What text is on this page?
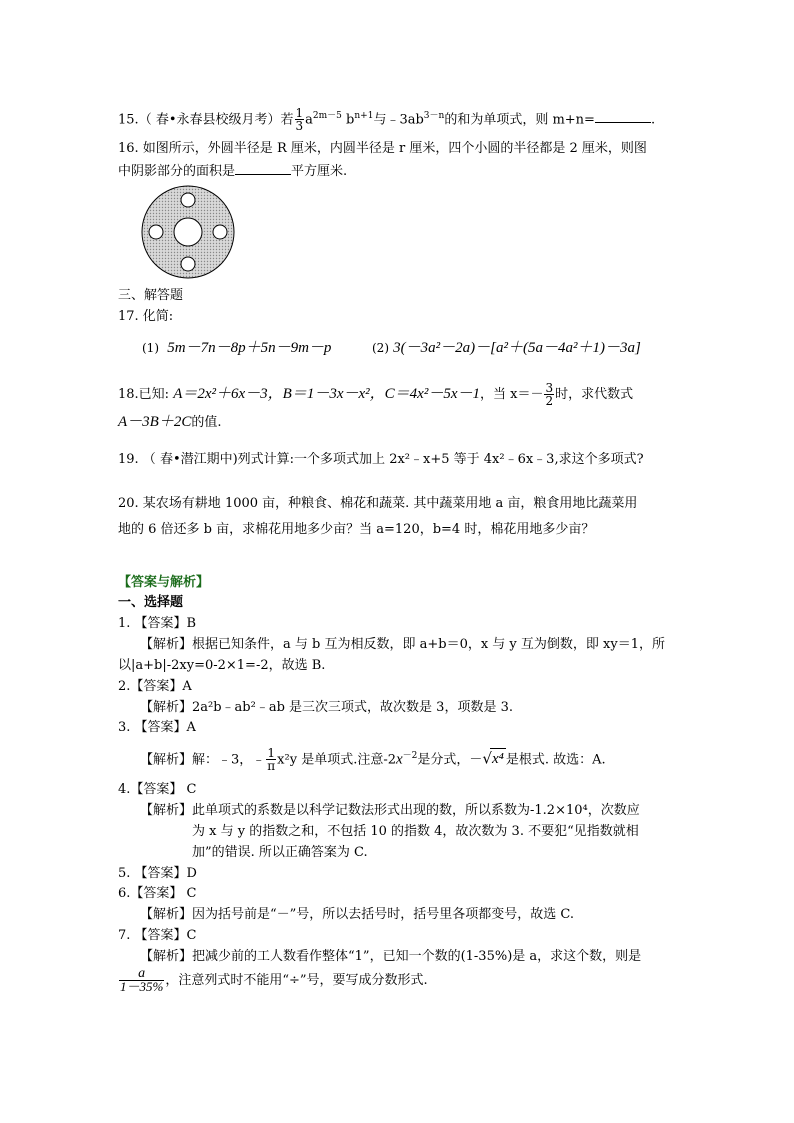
15.（ 春•永春县校级月考）若 $\frac{1}{3} a^{2m-5}$ $b^{n+1}$与$﹣3ab^{3-n}$的和为单项式，则 m+n=	.
16. 如图所示，外圆半径是 R 厘米，内圆半径是 r 厘米，四个小圆的半径都是 2 厘米，则图
中阴影部分的面积是	平方厘米.
三、解答题
17. 化简:
(1) 5m－7n－8p＋5n－9m－p	(2) 3(－3a²－2a)－[a²＋(5a－4a²＋1)－3a]
18.已知: A＝2x²＋6x－3，B＝1－3x－x²，C＝4x²－5x－1，当 $x=- \frac{3}{2}$ 时，求代数式
A－3B＋2C的值.
19. （ 春•潜江期中)列式计算:一个多项式加上 2x²﹣x+5 等于 4x²﹣6x﹣3,求这个多项式?
20. 某农场有耕地 1000 亩，种粮食、棉花和蔬菜. 其中蔬菜用地 a 亩，粮食用地比蔬菜用
地的 6 倍还多 b 亩，求棉花用地多少亩？当 a=120，b=4 时，棉花用地多少亩？
【答案与解析】
一、选择题
1. 【答案】B
【解析】根据已知条件，a 与 b 互为相反数，即 a+b＝0，x 与 y 互为倒数，即 xy＝1，所
以|a+b|-2xy=0-2×1=-2，故选 B.
2.【答案】A
【解析】2a²b﹣ab²﹣ab 是三次三项式，故次数是 3，项数是 3.
3. 【答案】A
【解析】解：﹣3，﹣ $\frac{1}{\pi} x^2y$ 是单项式.注意$-2x^{-2}$是分式，－√x⁴ 是根式. 故选：A.
4.【答案】 C
【解析】此单项式的系数是以科学记数法形式出现的数，所以系数为-1.2×10⁴，次数应
为 x 与 y 的指数之和，不包括 10 的指数 4，故次数为 3. 不要犯“见指数就相
加”的错误. 所以正确答案为 C.
5. 【答案】D
6.【答案】 C
【解析】因为括号前是“－”号，所以去括号时，括号里各项都变号，故选 C.
7. 【答案】C
【解析】把减少前的工人数看作整体“1”，已知一个数的(1-35%)是 a，求这个数，则是
$\frac{a}{1-35\%}$ ，注意列式时不能用“÷”号，要写成分数形式.
